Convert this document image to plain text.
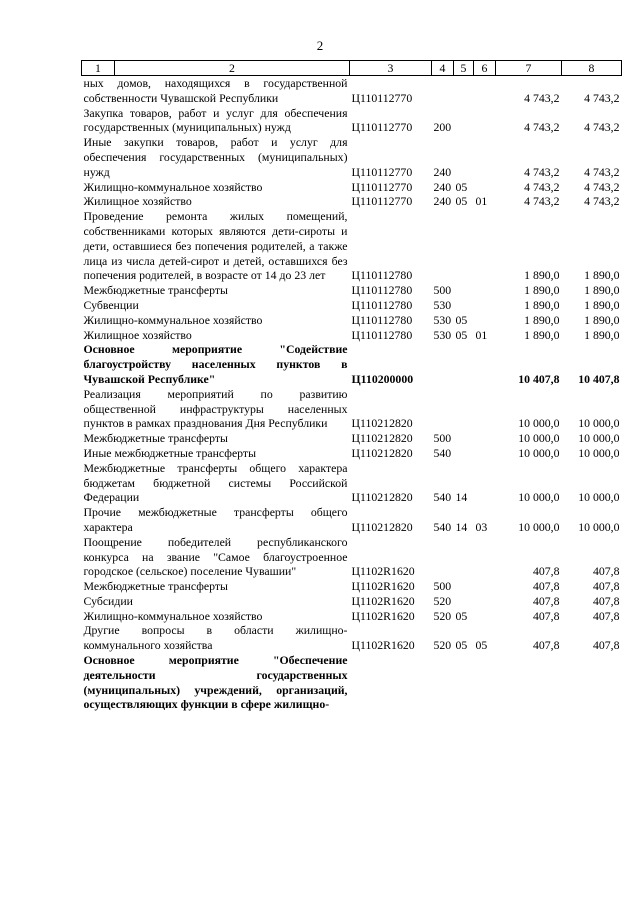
2
1	2	3	4	5	6	7	8
ных домов, находящихся в государственной собственности Чувашской Республики		Ц110112770				4 743,2	4 743,2
Закупка товаров, работ и услуг для обеспечения государственных (муниципальных) нужд		Ц110112770	200			4 743,2	4 743,2
Иные закупки товаров, работ и услуг для обеспечения государственных (муниципальных) нужд		Ц110112770	240			4 743,2	4 743,2
Жилищно-коммунальное хозяйство		Ц110112770	240	05		4 743,2	4 743,2
Жилищное хозяйство		Ц110112770	240	05	01	4 743,2	4 743,2
Проведение ремонта жилых помещений, собственниками которых являются дети-сироты и дети, оставшиеся без попечения родителей, а также лица из числа детей-сирот и детей, оставшихся без попечения родителей, в возрасте от 14 до 23 лет		Ц110112780				1 890,0	1 890,0
Межбюджетные трансферты		Ц110112780	500			1 890,0	1 890,0
Субвенции		Ц110112780	530			1 890,0	1 890,0
Жилищно-коммунальное хозяйство		Ц110112780	530	05		1 890,0	1 890,0
Жилищное хозяйство		Ц110112780	530	05	01	1 890,0	1 890,0
Основное мероприятие "Содействие благоустройству населенных пунктов в Чувашской Республике"		Ц110200000				10 407,8	10 407,8
Реализация мероприятий по развитию общественной инфраструктуры населенных пунктов в рамках празднования Дня Республики		Ц110212820				10 000,0	10 000,0
Межбюджетные трансферты		Ц110212820	500			10 000,0	10 000,0
Иные межбюджетные трансферты		Ц110212820	540			10 000,0	10 000,0
Межбюджетные трансферты общего характера бюджетам бюджетной системы Российской Федерации		Ц110212820	540	14		10 000,0	10 000,0
Прочие межбюджетные трансферты общего характера		Ц110212820	540	14	03	10 000,0	10 000,0
Поощрение победителей республиканского конкурса на звание "Самое благоустроенное городское (сельское) поселение Чувашии"		Ц1102R1620				407,8	407,8
Межбюджетные трансферты		Ц1102R1620	500			407,8	407,8
Субсидии		Ц1102R1620	520			407,8	407,8
Жилищно-коммунальное хозяйство		Ц1102R1620	520	05		407,8	407,8
Другие вопросы в области жилищно-коммунального хозяйства		Ц1102R1620	520	05	05	407,8	407,8
Основное мероприятие "Обеспечение деятельности государственных (муниципальных) учреждений, организаций, осуществляющих функции в сфере жилищно-							
